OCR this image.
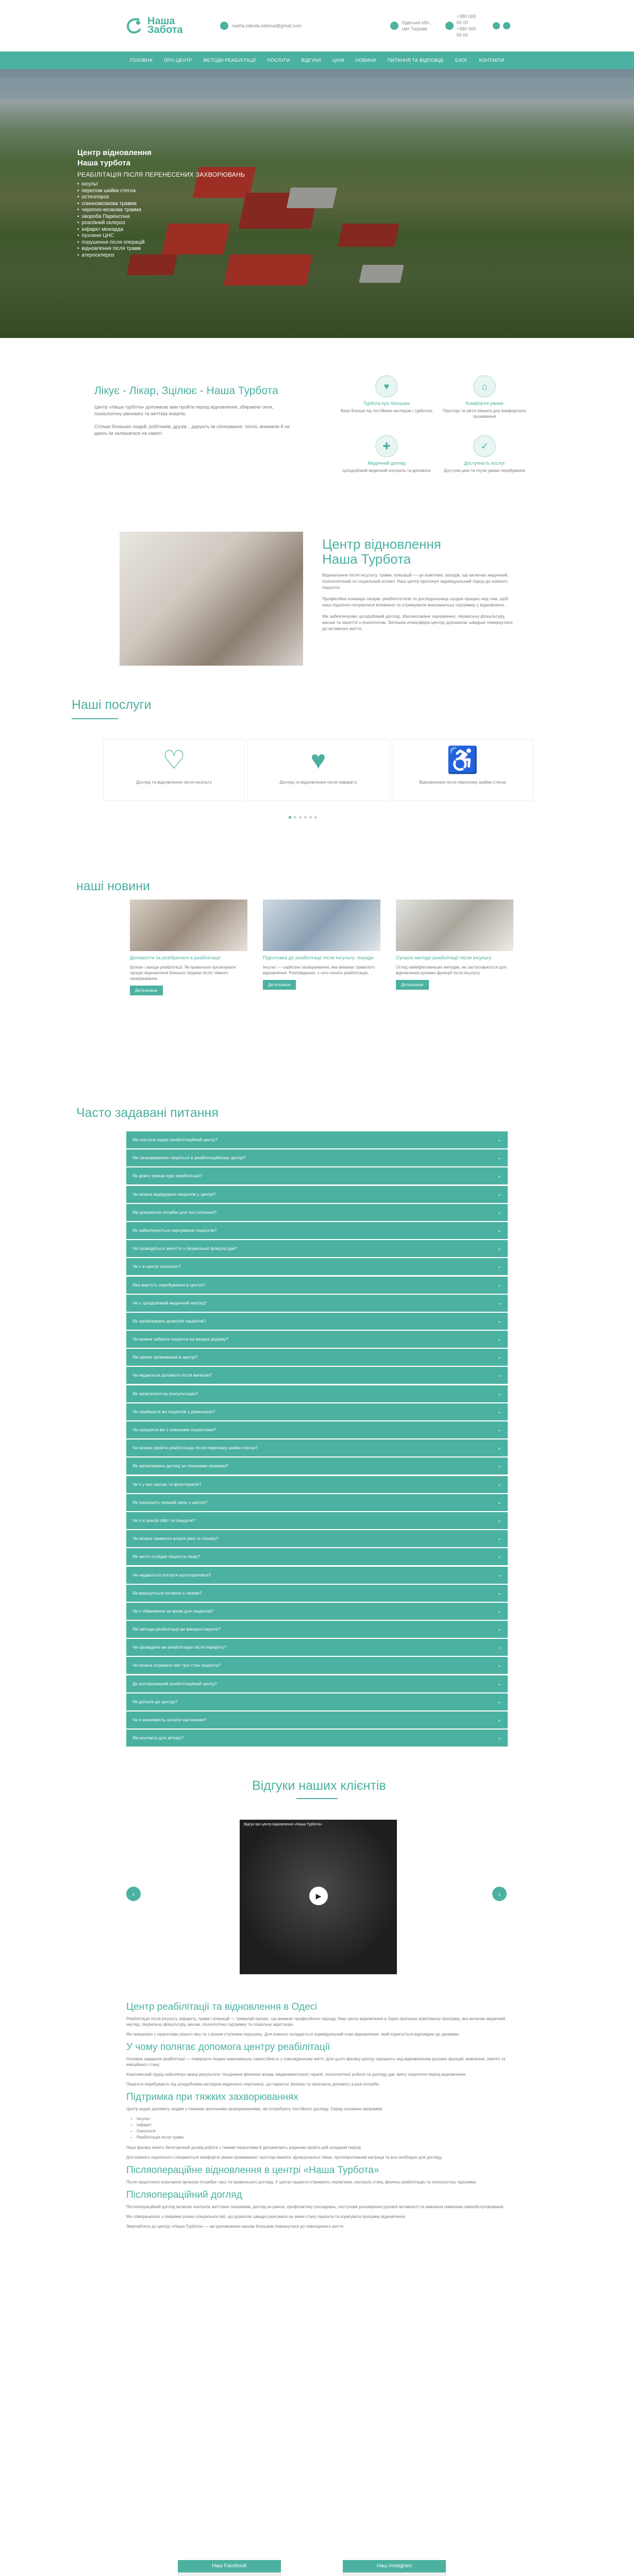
Наша
Забота	nasha.zabota.odessa@gmail.com
Одеська обл., смт Таїрове
+380 000 00 00
+380 000 00 00
ГОЛОВНА	ПРО ЦЕНТР	МЕТОДИ РЕАБІЛІТАЦІЇ	ПОСЛУГИ	ВІДГУКИ	ЦІНИ	НОВИНИ	ПИТАННЯ ТА ВІДПОВІДІ	БЛОГ	КОНТАКТИ
Центр відновлення
Наша турбота
РЕАБІЛІТАЦІЯ ПІСЛЯ ПЕРЕНЕСЕНИХ ЗАХВОРЮВАНЬ
• інсульт
• перелом шийки стегна
• остеопороз
• спинномозкова травма
• черепно-мозкова травма
• хвороба Паркінсона
• розсіяний склероз
• інфаркт міокарда
• пухлини ЦНС
• порушення після операцій
• відновлення після травм
• атеросклероз
Лікує - Лікар, Зцілює - Наша Турбота

Центр «Наша турбота» допомагає вам пройти період відновлення, збираючи сили, психологічну рівновагу та життєву енергію.

Стільки близьких людей, робітників, друзів... дарують їм спілкування, тепло, вниманіе й не дають їм залишатися на самоті.

♥
Турбота про близьких
Ваші близькі під постійним наглядом і турботою
⌂
Комфортні умови
Просторі та світлі кімнати для комфортного проживання
✚
Медичний догляд
Цілодобовий медичний контроль та допомога
✓
Доступність послуг
Доступні ціни та гнучкі умови перебування
Центр відновлення
Наша Турбота

Відновлення після інсульту, травм, операцій — це комплекс заходів, що включає медичний, психологічний та соціальний аспект. Наш центр пропонує індивідуальний підхід до кожного пацієнта.

Професійна команда лікарів, реабілітологів та доглядальниць щодня працює над тим, щоб наші підопічні почувалися впевнено та отримували максимальну підтримку у відновленні.

Ми забезпечуємо цілодобовий догляд, збалансоване харчування, лікувальну фізкультуру, масаж та заняття з психологом. Затишна атмосфера центру допомагає швидше повернутися до активного життя.

Наші послуги
♡
Догляд та відновлення після інсульту
♥
Догляд та відновлення після інфаркту
♿
Відновлення після перелому шийки стегна
наші новини
Допомогти та розібратися в реабілітації
Шляхи і заходи реабілітації. Як правильно організувати процес відновлення близької людини після тяжкого захворювання.
Детальніше
Підготовка до реабілітації після інсульту: поради
Інсульт — серйозне захворювання, яке вимагає тривалого відновлення. Розповідаємо, з чого почати реабілітацію.
Детальніше
Сучасні методи реабілітації після інсульту
Огляд найефективніших методик, які застосовуються для відновлення рухових функцій після інсульту.
Детальніше
Часто задавані питання
Які послуги надає реабілітаційний центр?	⌄
Які захворювання лікуються в реабілітаційному центрі?	⌄
Як довго триває курс реабілітації?	⌄
Чи можна відвідувати пацієнтів у центрі?	⌄
Які документи потрібні для поступлення?	⌄
Як забезпечується харчування пацієнтів?	⌄
Чи проводяться заняття з лікувальної фізкультури?	⌄
Чи є в центрі психолог?	⌄
Яка вартість перебування в центрі?	⌄
Чи є цілодобовий медичний нагляд?	⌄
Як організовано дозвілля пацієнтів?	⌄
Чи можна забрати пацієнта на вихідні додому?	⌄
Які умови проживання в центрі?	⌄
Чи надається допомога після виписки?	⌄
Як записатися на консультацію?	⌄
Чи приймаєте ви пацієнтів з деменцією?	⌄
Чи працюєте ви з лежачими пацієнтами?	⌄
Чи можна пройти реабілітацію після перелому шийки стегна?	⌄
Як організовано догляд за лежачими хворими?	⌄
Чи є у вас масаж та фізіотерапія?	⌄
Як проходить перший день у центрі?	⌄
Чи є в центрі ліфт та пандуси?	⌄
Чи можна привезти власні речі та техніку?	⌄
Як часто оглядає пацієнта лікар?	⌄
Чи надаються послуги ерготерапевта?	⌄
Як вирішується питання з ліками?	⌄
Чи є обмеження за віком для пацієнтів?	⌄
Які методи реабілітації ви використовуєте?	⌄
Чи проводите ви реабілітацію після інфаркту?	⌄
Чи можна отримати звіт про стан пацієнта?	⌄
Де розташований реабілітаційний центр?	⌄
Як доїхати до центру?	⌄
Чи є можливість оплати частинами?	⌄
Які контакти для зв'язку?	⌄
Відгуки наших клієнтів
‹
Відгук про центр відновлення «Наша Турбота»
▶	›
Центр реабілітації та відновлення в Одесі

Реабілітація після інсульту, інфаркту, травм і операцій — тривалий процес, що вимагає професійного підходу. Наш центр відновлення в Одесі пропонує комплексну програму, яка включає медичний нагляд, лікувальну фізкультуру, масаж, психологічну підтримку та соціальну адаптацію.

Ми працюємо з пацієнтами різного віку та з різним ступенем порушень. Для кожного складається індивідуальний план відновлення, який коригується відповідно до динаміки.

У чому полягає допомога центру реабілітації

Основне завдання реабілітації — повернути людині максимальну самостійність у повсякденному житті. Для цього фахівці центру працюють над відновленням рухових функцій, мовлення, пам'яті та емоційного стану.

Комплексний підхід забезпечує кращі результати: поєднання фізичних вправ, медикаментозної терапії, психологічної роботи та догляду дає змогу скоротити період відновлення.

Пацієнти перебувають під цілодобовим наглядом медичного персоналу, що гарантує безпеку та своєчасну допомогу в разі потреби.

Підтримка при тяжких захворюваннях

Центр надає допомогу людям з тяжкими хронічними захворюваннями, які потребують постійного догляду. Серед основних напрямків:

• Інсульт
• Інфаркт
• Онкологія
• Реабілітація після травм

Наші фахівці мають багаторічний досвід роботи з такими пацієнтами й допомагають родинам пройти цей складний період.

Для кожного підопічного створюються комфортні умови проживання: просторі кімнати, функціональні ліжка, протипролежневі матраци та все необхідне для догляду.

Післяопераційне відновлення в центрі «Наша Турбота»

Після хірургічного втручання організм потребує часу та правильного догляду. У центрі пацієнти отримують перев'язки, контроль стану, фізичну реабілітацію та психологічну підтримку.

Післяопераційний догляд

Післяопераційний догляд включає контроль життєвих показників, догляд за раною, профілактику ускладнень, поступове розширення рухової активності та навчання навичкам самообслуговування.

Ми співпрацюємо з лікарями різних спеціальностей, що дозволяє швидко реагувати на зміни стану пацієнта та коригувати програму відновлення.

Звертайтеся до центру «Наша Турбота» — ми допоможемо вашим близьким повернутися до повноцінного життя.

Наш Facebook	Наш Instagram
